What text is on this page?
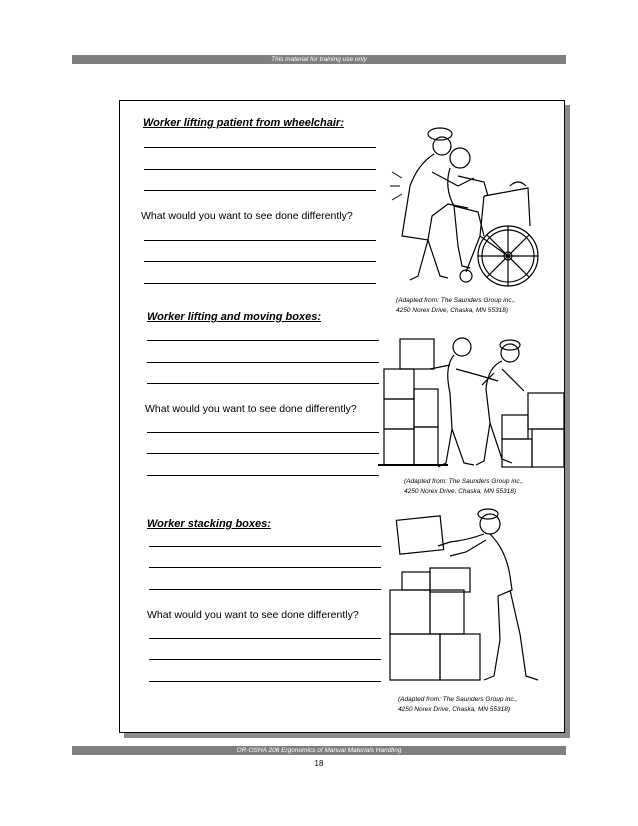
This material for training use only
Worker lifting patient from wheelchair:
What would you want to see done differently?
(Adapted from: The Saunders Group inc.,
4250 Norex Drive, Chaska, MN 55318)
Worker lifting and moving boxes:
What would you want to see done differently?
(Adapted from: The Saunders Group inc.,
4250 Norex Drive, Chaska, MN 55318)
Worker stacking boxes:
What would you want to see done differently?
(Adapted from: The Saunders Group inc.,
4250 Norex Drive, Chaska, MN 55318)
OR-OSHA 206 Ergonomics of Manual Materials Handling
18
